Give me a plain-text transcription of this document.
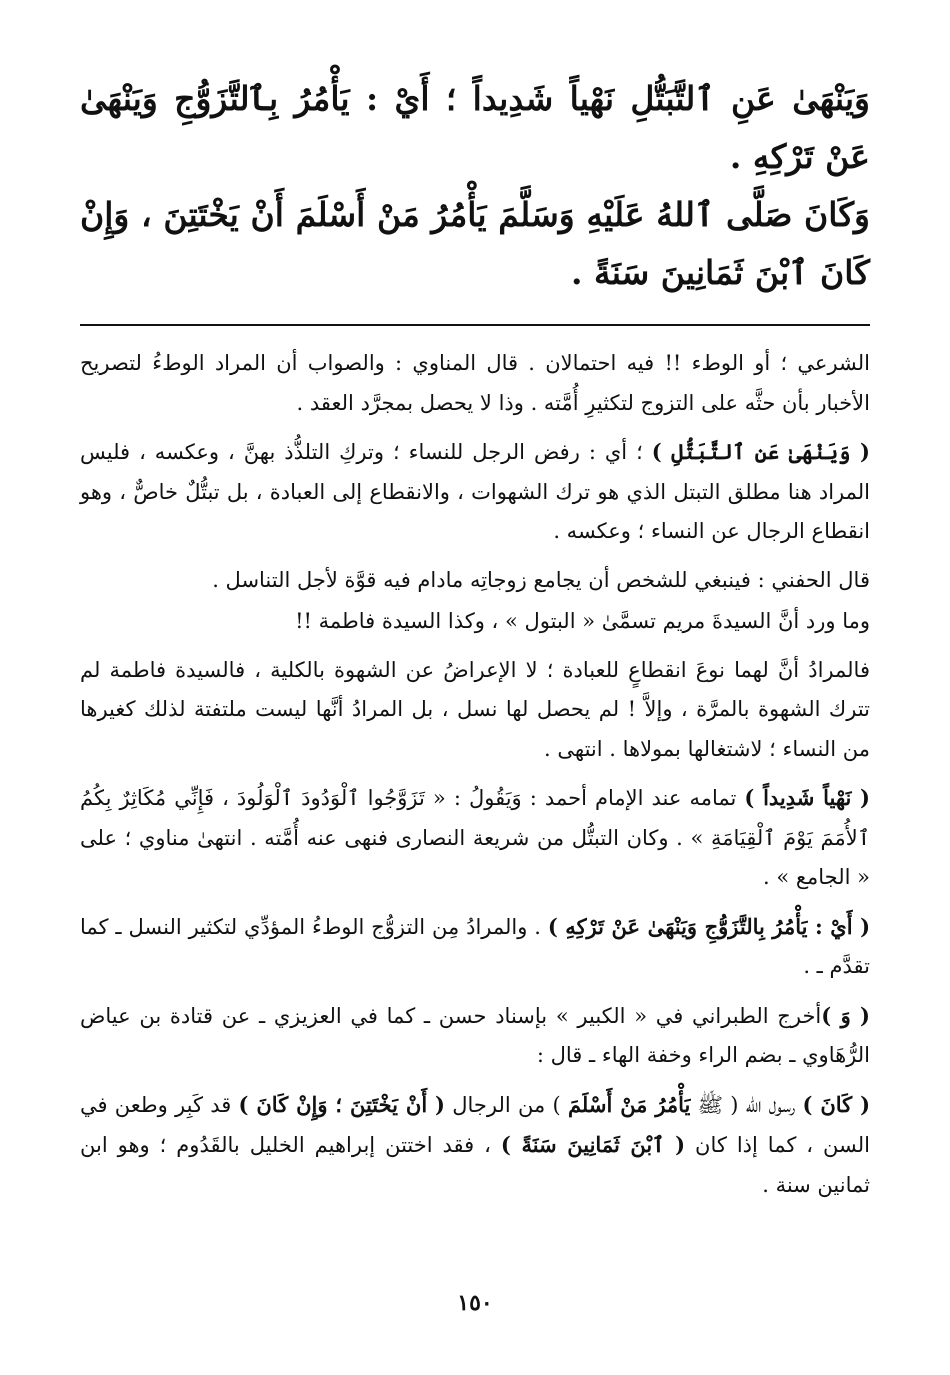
وَيَنْهَىٰ عَنِ ٱلتَّبَتُّلِ نَهْياً شَدِيداً ؛ أَيْ : يَأْمُرُ بِٱلتَّزَوُّجِ وَيَنْهَىٰ عَنْ تَرْكِهِ .

وَكَانَ صَلَّى ٱللهُ عَلَيْهِ وَسَلَّمَ يَأْمُرُ مَنْ أَسْلَمَ أَنْ يَخْتَتِنَ ، وَإِنْ كَانَ ٱبْنَ ثَمَانِينَ سَنَةً .

الشرعي ؛ أو الوطء !! فيه احتمالان . قال المناوي : والصواب أن المراد الوطءُ لتصريح الأخبار بأن حثَّه على التزوج لتكثيرِ أُمَّته . وذا لا يحصل بمجرَّد العقد .

( وَيَنْهَىٰ عَنِ ٱلتَّبَتُّلِ ) ؛ أي : رفض الرجل للنساء ؛ وتركِ التلذُّذ بهنَّ ، وعكسه ، فليس المراد هنا مطلق التبتل الذي هو ترك الشهوات ، والانقطاع إلى العبادة ، بل تبتُّلٌ خاصٌّ ، وهو انقطاع الرجال عن النساء ؛ وعكسه .

قال الحفني : فينبغي للشخص أن يجامع زوجاتِه مادام فيه قوَّة لأجل التناسل .

وما ورد أنَّ السيدةَ مريم تسمَّىٰ « البتول » ، وكذا السيدة فاطمة !!

فالمرادُ أنَّ لهما نوعَ انقطاعٍ للعبادة ؛ لا الإعراضُ عن الشهوة بالكلية ، فالسيدة فاطمة لم تترك الشهوة بالمرَّة ، وإلاَّ ! لم يحصل لها نسل ، بل المرادُ أنَّها ليست ملتفتة لذلك كغيرها من النساء ؛ لاشتغالها بمولاها . انتهى .

( نَهْياً شَدِيداً ) تمامه عند الإمام أحمد : وَيَقُولُ : « تَزَوَّجُوا ٱلْوَدُودَ ٱلْوَلُودَ ، فَإِنِّي مُكَاثِرٌ بِكُمُ ٱلأُمَمَ يَوْمَ ٱلْقِيَامَةِ » . وكان التبتُّل من شريعة النصارى فنهى عنه أُمَّته . انتهىٰ مناوي ؛ على « الجامع » .

( أَيْ : يَأْمُرُ بِالتَّزَوُّجِ وَيَنْهَىٰ عَنْ تَرْكِهِ ) . والمرادُ مِن التزوُّج الوطءُ المؤدِّي لتكثير النسل ـ كما تقدَّم ـ .

( وَ )أخرج الطبراني في « الكبير » بإسناد حسن ـ كما في العزيزي ـ عن قتادة بن عياض الرُّهَاوي ـ بضم الراء وخفة الهاء ـ قال :

( كَانَ ) رسول الله ( ﷺ يَأْمُرُ مَنْ أَسْلَمَ ) من الرجال ( أَنْ يَخْتَتِنَ ؛ وَإِنْ كَانَ ) قد كَبِر وطعن في السن ، كما إذا كان ( ٱبْنَ ثَمَانِينَ سَنَةً ) ، فقد اختتن إبراهيم الخليل بالقَدُوم ؛ وهو ابن ثمانين سنة .

١٥٠
